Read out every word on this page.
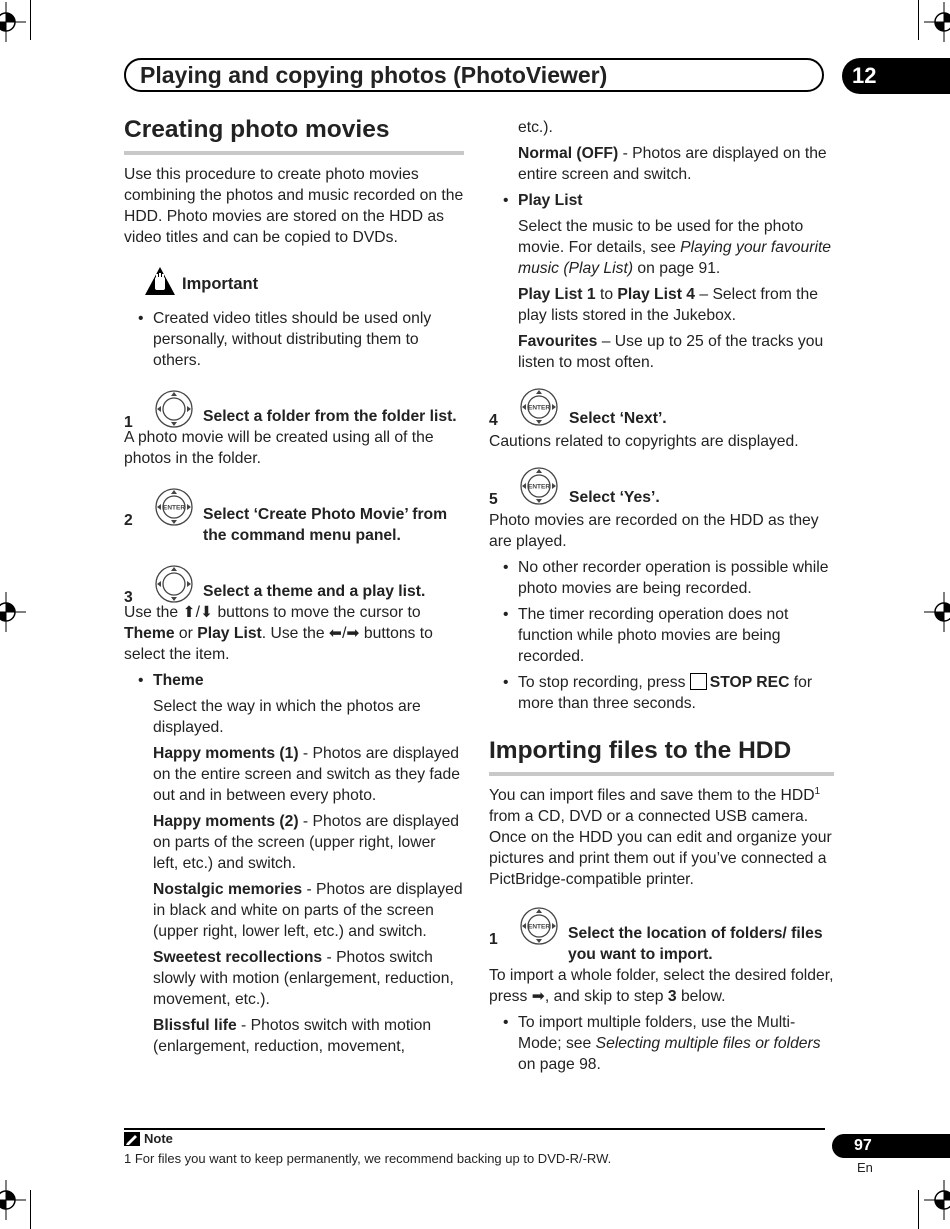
Playing and copying photos (PhotoViewer)	12
Creating photo movies

Use this procedure to create photo movies combining the photos and music recorded on the HDD. Photo movies are stored on the HDD as video titles and can be copied to DVDs.

Important
• Created video titles should be used only personally, without distributing them to others.
1	Select a folder from the folder list.

A photo movie will be created using all of the photos in the folder.

2
ENTER	Select ‘Create Photo Movie’ from the command menu panel.

3	Select a theme and a play list.

Use the ⬆/⬇ buttons to move the cursor to Theme or Play List. Use the ⬅/➡ buttons to select the item.

• Theme

Select the way in which the photos are displayed.

Happy moments (1) - Photos are displayed on the entire screen and switch as they fade out and in between every photo.

Happy moments (2) - Photos are displayed on parts of the screen (upper right, lower left, etc.) and switch.

Nostalgic memories - Photos are displayed in black and white on parts of the screen (upper right, lower left, etc.) and switch.

Sweetest recollections - Photos switch slowly with motion (enlargement, reduction, movement, etc.).

Blissful life - Photos switch with motion (enlargement, reduction, movement,

etc.).

Normal (OFF) - Photos are displayed on the entire screen and switch.

• Play List

Select the music to be used for the photo movie. For details, see Playing your favourite music (Play List) on page 91.

Play List 1 to Play List 4 – Select from the play lists stored in the Jukebox.

Favourites – Use up to 25 of the tracks you listen to most often.

4
ENTER
Select ‘Next’.

Cautions related to copyrights are displayed.

5
ENTER
Select ‘Yes’.

Photo movies are recorded on the HDD as they are played.

• No other recorder operation is possible while photo movies are being recorded.
• The timer recording operation does not function while photo movies are being recorded.
• To stop recording, press STOP REC for more than three seconds.
Importing files to the HDD

You can import files and save them to the HDD$^1$ from a CD, DVD or a connected USB camera. Once on the HDD you can edit and organize your pictures and print them out if you’ve connected a PictBridge-compatible printer.

1
ENTER	Select the location of folders/ files you want to import.

To import a whole folder, select the desired folder, press ➡, and skip to step 3 below.

• To import multiple folders, use the Multi-Mode; see Selecting multiple files or folders on page 98.
Note
1 For files you want to keep permanently, we recommend backing up to DVD-R/-RW.
97
En
